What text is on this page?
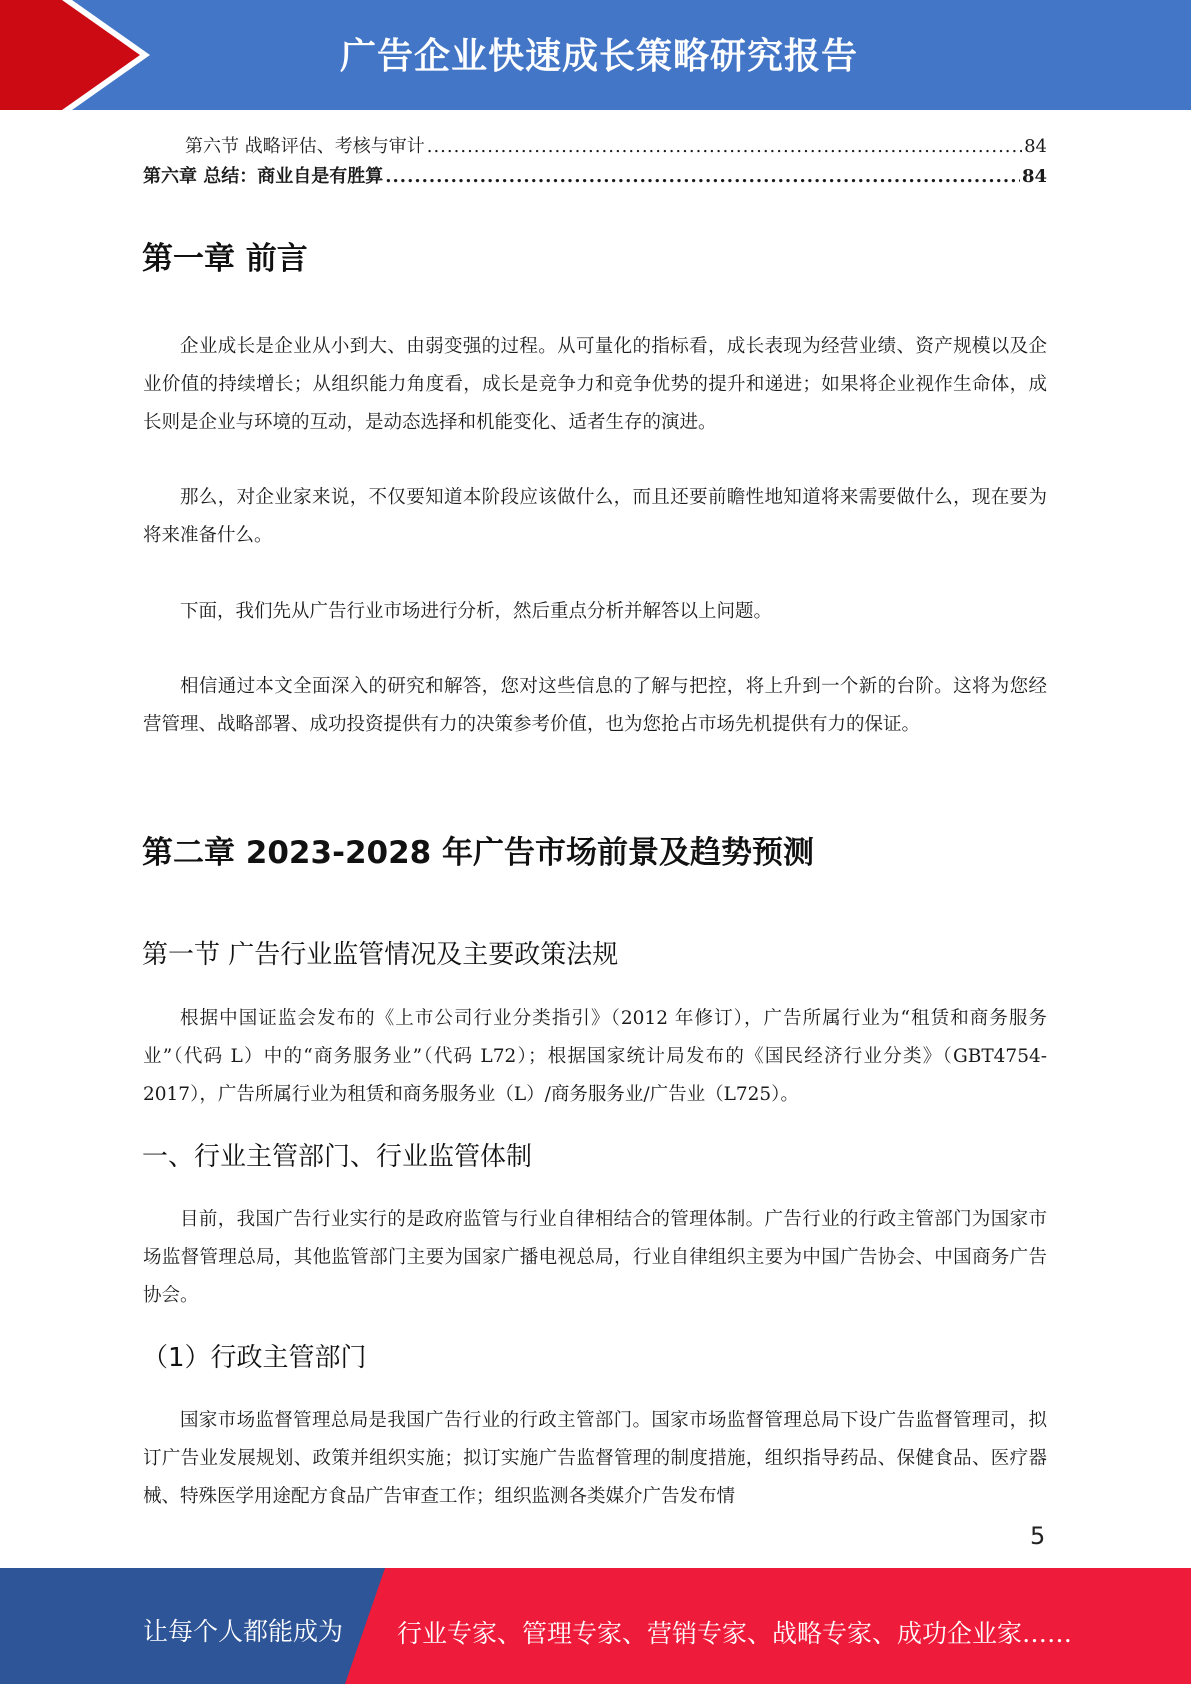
广告企业快速成长策略研究报告
第六节 战略评估、考核与审计 .....	84
第六章 总结：商业自是有胜算 .....	84
第一章 前言

企业成长是企业从小到大、由弱变强的过程。从可量化的指标看，成长表现为经营业绩、资产规模以及企业价值的持续增长；从组织能力角度看，成长是竞争力和竞争优势的提升和递进；如果将企业视作生命体，成长则是企业与环境的互动，是动态选择和机能变化、适者生存的演进。

那么，对企业家来说，不仅要知道本阶段应该做什么，而且还要前瞻性地知道将来需要做什么，现在要为将来准备什么。

下面，我们先从广告行业市场进行分析，然后重点分析并解答以上问题。

相信通过本文全面深入的研究和解答，您对这些信息的了解与把控，将上升到一个新的台阶。这将为您经营管理、战略部署、成功投资提供有力的决策参考价值，也为您抢占市场先机提供有力的保证。

第二章 2023-2028 年广告市场前景及趋势预测
第一节 广告行业监管情况及主要政策法规

根据中国证监会发布的《上市公司行业分类指引》（2012 年修订），广告所属行业为“租赁和商务服务业”（代码 L）中的“商务服务业”（代码 L72）；根据国家统计局发布的《国民经济行业分类》（GBT4754-2017），广告所属行业为租赁和商务服务业（L）/商务服务业/广告业（L725）。

一、行业主管部门、行业监管体制

目前，我国广告行业实行的是政府监管与行业自律相结合的管理体制。广告行业的行政主管部门为国家市场监督管理总局，其他监管部门主要为国家广播电视总局，行业自律组织主要为中国广告协会、中国商务广告协会。

（1）行政主管部门

国家市场监督管理总局是我国广告行业的行政主管部门。国家市场监督管理总局下设广告监督管理司，拟订广告业发展规划、政策并组织实施；拟订实施广告监督管理的制度措施，组织指导药品、保健食品、医疗器械、特殊医学用途配方食品广告审查工作；组织监测各类媒介广告发布情

5
让每个人都能成为 行业专家、管理专家、营销专家、战略专家、成功企业家……
